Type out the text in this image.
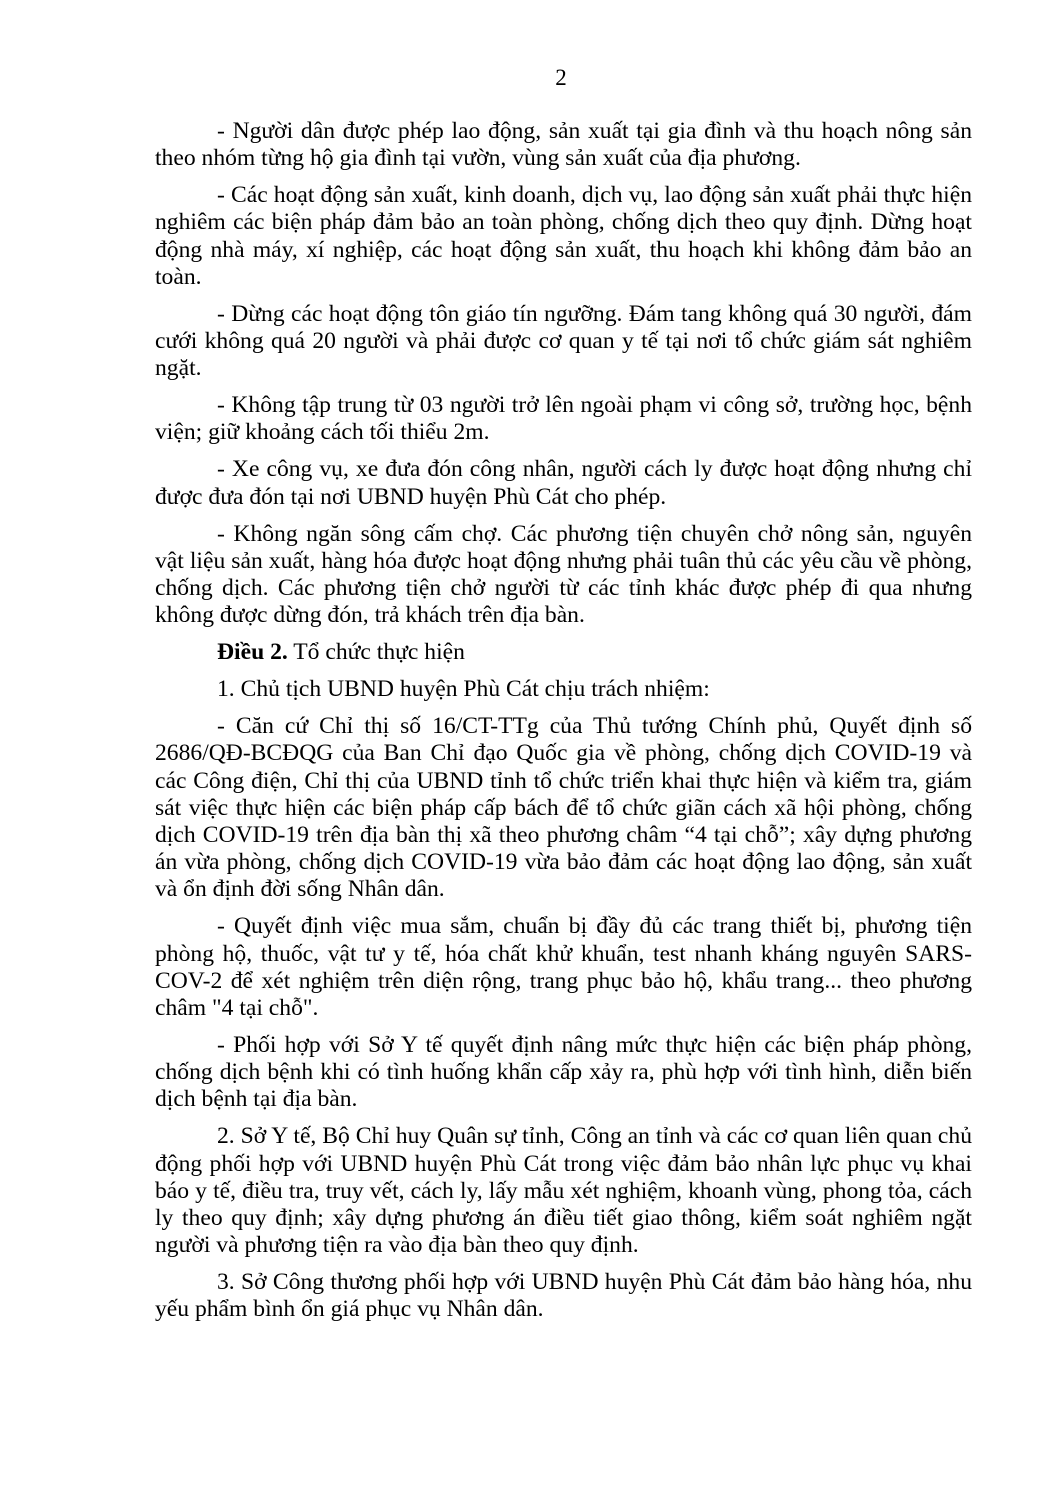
2

- Người dân được phép lao động, sản xuất tại gia đình và thu hoạch nông sản theo nhóm từng hộ gia đình tại vườn, vùng sản xuất của địa phương.

- Các hoạt động sản xuất, kinh doanh, dịch vụ, lao động sản xuất phải thực hiện nghiêm các biện pháp đảm bảo an toàn phòng, chống dịch theo quy định. Dừng hoạt động nhà máy, xí nghiệp, các hoạt động sản xuất, thu hoạch khi không đảm bảo an toàn.

- Dừng các hoạt động tôn giáo tín ngưỡng. Đám tang không quá 30 người, đám cưới không quá 20 người và phải được cơ quan y tế tại nơi tổ chức giám sát nghiêm ngặt.

- Không tập trung từ 03 người trở lên ngoài phạm vi công sở, trường học, bệnh viện; giữ khoảng cách tối thiểu 2m.

- Xe công vụ, xe đưa đón công nhân, người cách ly được hoạt động nhưng chỉ được đưa đón tại nơi UBND huyện Phù Cát cho phép.

- Không ngăn sông cấm chợ. Các phương tiện chuyên chở nông sản, nguyên vật liệu sản xuất, hàng hóa được hoạt động nhưng phải tuân thủ các yêu cầu về phòng, chống dịch. Các phương tiện chở người từ các tỉnh khác được phép đi qua nhưng không được dừng đón, trả khách trên địa bàn.

Điều 2. Tổ chức thực hiện

1. Chủ tịch UBND huyện Phù Cát chịu trách nhiệm:

- Căn cứ Chỉ thị số 16/CT-TTg của Thủ tướng Chính phủ, Quyết định số 2686/QĐ-BCĐQG của Ban Chỉ đạo Quốc gia về phòng, chống dịch COVID-19 và các Công điện, Chỉ thị của UBND tỉnh tổ chức triển khai thực hiện và kiểm tra, giám sát việc thực hiện các biện pháp cấp bách để tổ chức giãn cách xã hội phòng, chống dịch COVID-19 trên địa bàn thị xã theo phương châm “4 tại chỗ”; xây dựng phương án vừa phòng, chống dịch COVID-19 vừa bảo đảm các hoạt động lao động, sản xuất và ổn định đời sống Nhân dân.

- Quyết định việc mua sắm, chuẩn bị đầy đủ các trang thiết bị, phương tiện phòng hộ, thuốc, vật tư y tế, hóa chất khử khuẩn, test nhanh kháng nguyên SARS-COV-2 để xét nghiệm trên diện rộng, trang phục bảo hộ, khẩu trang... theo phương châm "4 tại chỗ".

- Phối hợp với Sở Y tế quyết định nâng mức thực hiện các biện pháp phòng, chống dịch bệnh khi có tình huống khẩn cấp xảy ra, phù hợp với tình hình, diễn biến dịch bệnh tại địa bàn.

2. Sở Y tế, Bộ Chỉ huy Quân sự tỉnh, Công an tỉnh và các cơ quan liên quan chủ động phối hợp với UBND huyện Phù Cát trong việc đảm bảo nhân lực phục vụ khai báo y tế, điều tra, truy vết, cách ly, lấy mẫu xét nghiệm, khoanh vùng, phong tỏa, cách ly theo quy định; xây dựng phương án điều tiết giao thông, kiểm soát nghiêm ngặt người và phương tiện ra vào địa bàn theo quy định.

3. Sở Công thương phối hợp với UBND huyện Phù Cát đảm bảo hàng hóa, nhu yếu phẩm bình ổn giá phục vụ Nhân dân.
